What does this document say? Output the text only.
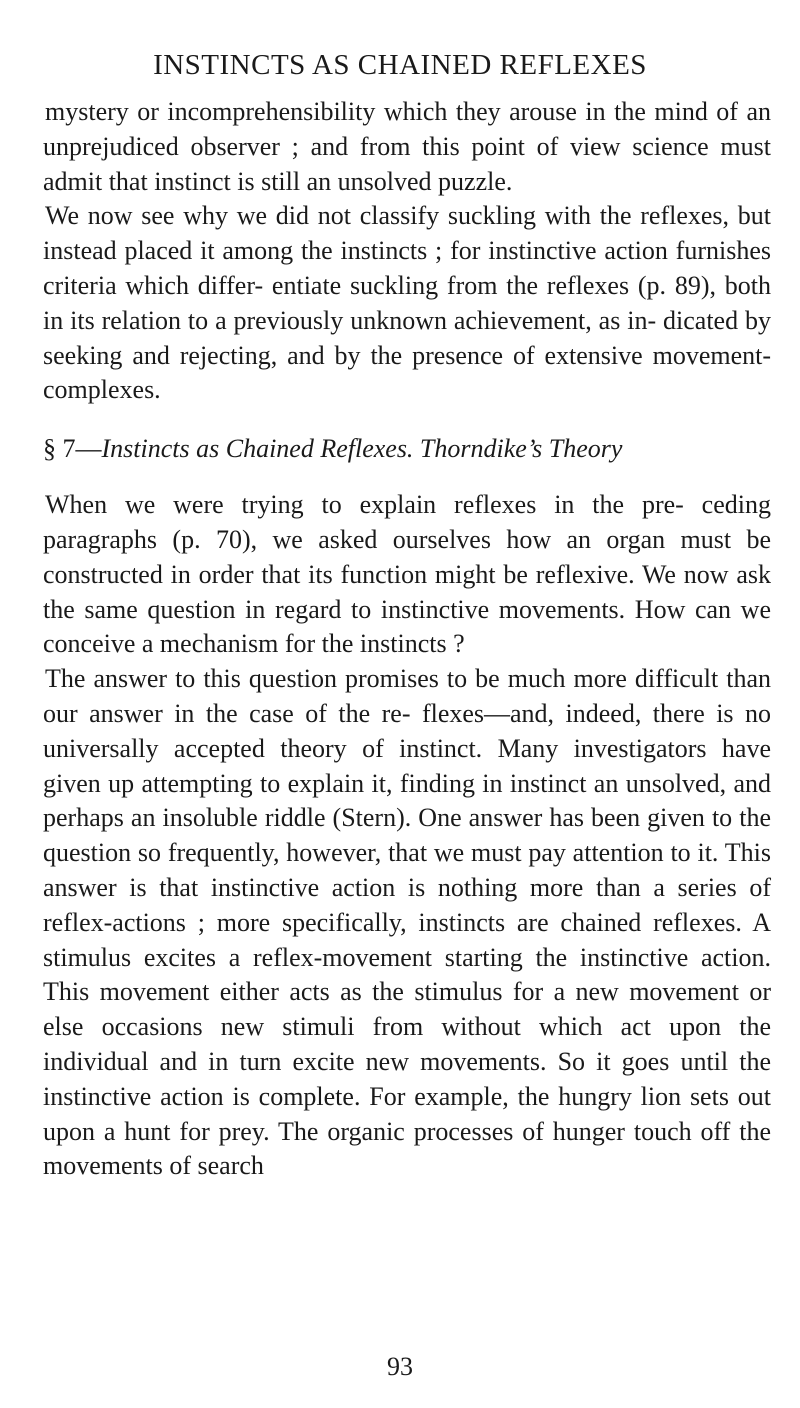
INSTINCTS AS CHAINED REFLEXES

mystery or incomprehensibility which they arouse in the mind of an unprejudiced observer ; and from this point of view science must admit that instinct is still an unsolved puzzle.

We now see why we did not classify suckling with the reflexes, but instead placed it among the instincts ; for instinctive action furnishes criteria which differ- entiate suckling from the reflexes (p. 89), both in its relation to a previously unknown achievement, as in- dicated by seeking and rejecting, and by the presence of extensive movement-complexes.

§ 7—Instincts as Chained Reflexes. Thorndike’s Theory

When we were trying to explain reflexes in the pre- ceding paragraphs (p. 70), we asked ourselves how an organ must be constructed in order that its function might be reflexive. We now ask the same question in regard to instinctive movements. How can we conceive a mechanism for the instincts ?

The answer to this question promises to be much more difficult than our answer in the case of the re- flexes—and, indeed, there is no universally accepted theory of instinct. Many investigators have given up attempting to explain it, finding in instinct an unsolved, and perhaps an insoluble riddle (Stern). One answer has been given to the question so frequently, however, that we must pay attention to it. This answer is that instinctive action is nothing more than a series of reflex-actions ; more specifically, instincts are chained reflexes. A stimulus excites a reflex-movement starting the instinctive action. This movement either acts as the stimulus for a new movement or else occasions new stimuli from without which act upon the individual and in turn excite new movements. So it goes until the instinctive action is complete. For example, the hungry lion sets out upon a hunt for prey. The organic processes of hunger touch off the movements of search

93
